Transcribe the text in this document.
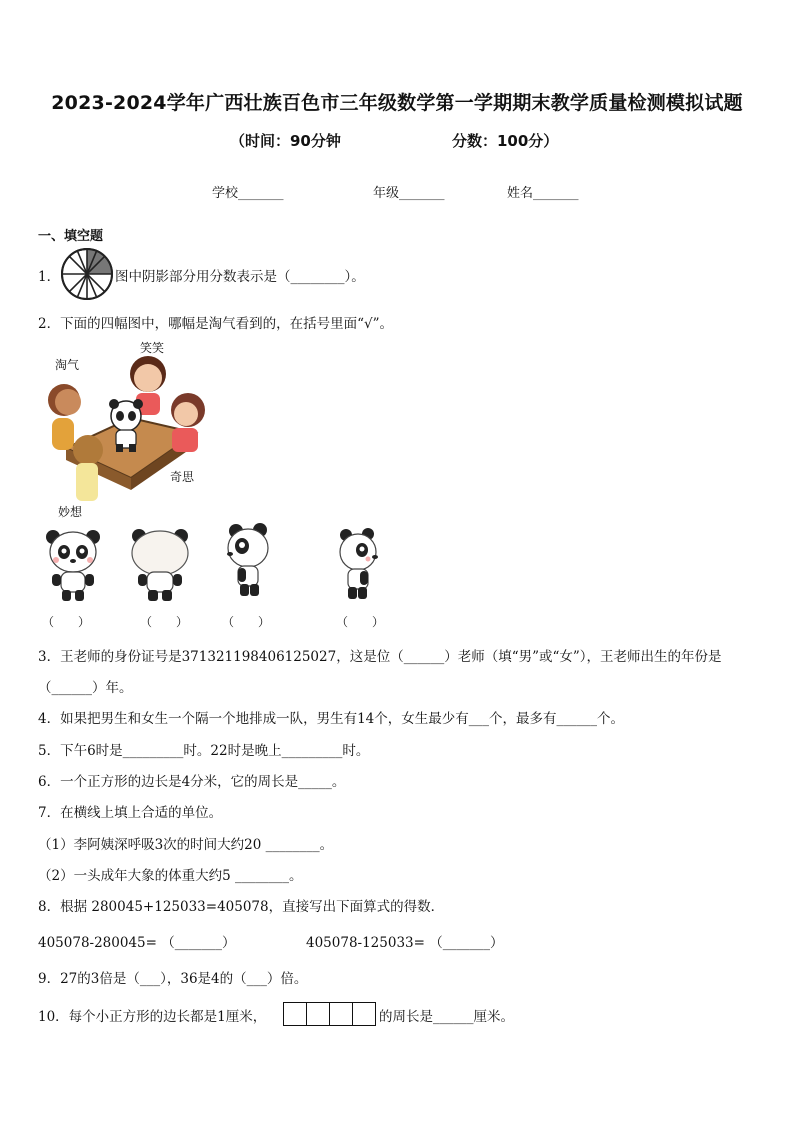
2023-2024学年广西壮族百色市三年级数学第一学期期末教学质量检测模拟试题
（时间：90分钟	分数：100分）
学校_______	年级_______	姓名_______
一、填空题
1．	图中阴影部分用分数表示是（________）。
2．下面的四幅图中，哪幅是淘气看到的，在括号里面“√”。
淘气
笑笑
奇思
妙想
（　　）	（　　）	（　　）	（　　）
3．王老师的身份证号是371321198406125027，这是位（______）老师（填“男”或“女”），王老师出生的年份是
（______）年。
4．如果把男生和女生一个隔一个地排成一队，男生有14个，女生最少有___个，最多有______个。
5．下午6时是_________时。22时是晚上_________时。
6．一个正方形的边长是4分米，它的周长是_____。
7．在横线上填上合适的单位。
（1）李阿姨深呼吸3次的时间大约20 ________。
（2）一头成年大象的体重大约5 ________。
8．根据 280045+125033=405078，直接写出下面算式的得数．
405078-280045= （_______）	405078-125033= （_______）
9．27的3倍是（___），36是4的（___）倍。
10．每个小正方形的边长都是1厘米，	的周长是______厘米。
